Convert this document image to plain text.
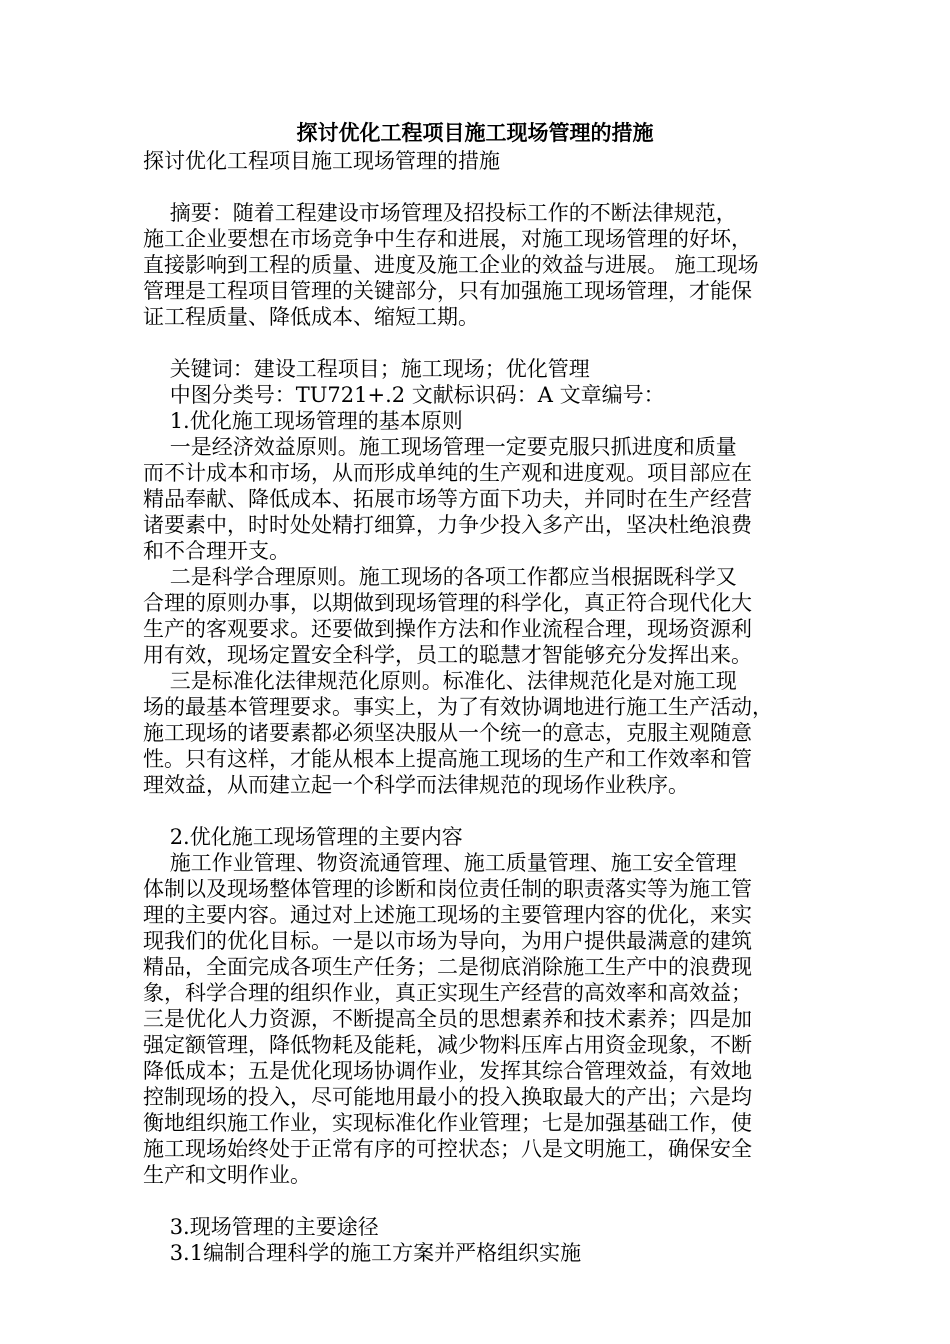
探讨优化工程项目施工现场管理的措施
探讨优化工程项目施工现场管理的措施
摘要：随着工程建设市场管理及招投标工作的不断法律规范，
施工企业要想在市场竞争中生存和进展，对施工现场管理的好坏，
直接影响到工程的质量、进度及施工企业的效益与进展。 施工现场
管理是工程项目管理的关键部分，只有加强施工现场管理，才能保
证工程质量、降低成本、缩短工期。
关键词：建设工程项目；施工现场；优化管理
中图分类号：TU721+.2 文献标识码：A 文章编号：
1.优化施工现场管理的基本原则
一是经济效益原则。施工现场管理一定要克服只抓进度和质量
而不计成本和市场，从而形成单纯的生产观和进度观。项目部应在
精品奉献、降低成本、拓展市场等方面下功夫，并同时在生产经营
诸要素中，时时处处精打细算，力争少投入多产出，坚决杜绝浪费
和不合理开支。
二是科学合理原则。施工现场的各项工作都应当根据既科学又
合理的原则办事，以期做到现场管理的科学化，真正符合现代化大
生产的客观要求。还要做到操作方法和作业流程合理，现场资源利
用有效，现场定置安全科学，员工的聪慧才智能够充分发挥出来。
三是标准化法律规范化原则。标准化、法律规范化是对施工现
场的最基本管理要求。事实上，为了有效协调地进行施工生产活动，
施工现场的诸要素都必须坚决服从一个统一的意志，克服主观随意
性。只有这样，才能从根本上提高施工现场的生产和工作效率和管
理效益，从而建立起一个科学而法律规范的现场作业秩序。
2.优化施工现场管理的主要内容
施工作业管理、物资流通管理、施工质量管理、施工安全管理
体制以及现场整体管理的诊断和岗位责任制的职责落实等为施工管
理的主要内容。通过对上述施工现场的主要管理内容的优化，来实
现我们的优化目标。一是以市场为导向，为用户提供最满意的建筑
精品，全面完成各项生产任务；二是彻底消除施工生产中的浪费现
象，科学合理的组织作业，真正实现生产经营的高效率和高效益；
三是优化人力资源，不断提高全员的思想素养和技术素养；四是加
强定额管理，降低物耗及能耗，减少物料压库占用资金现象，不断
降低成本；五是优化现场协调作业，发挥其综合管理效益，有效地
控制现场的投入，尽可能地用最小的投入换取最大的产出；六是均
衡地组织施工作业，实现标准化作业管理；七是加强基础工作，使
施工现场始终处于正常有序的可控状态；八是文明施工，确保安全
生产和文明作业。
3.现场管理的主要途径
3.1编制合理科学的施工方案并严格组织实施
